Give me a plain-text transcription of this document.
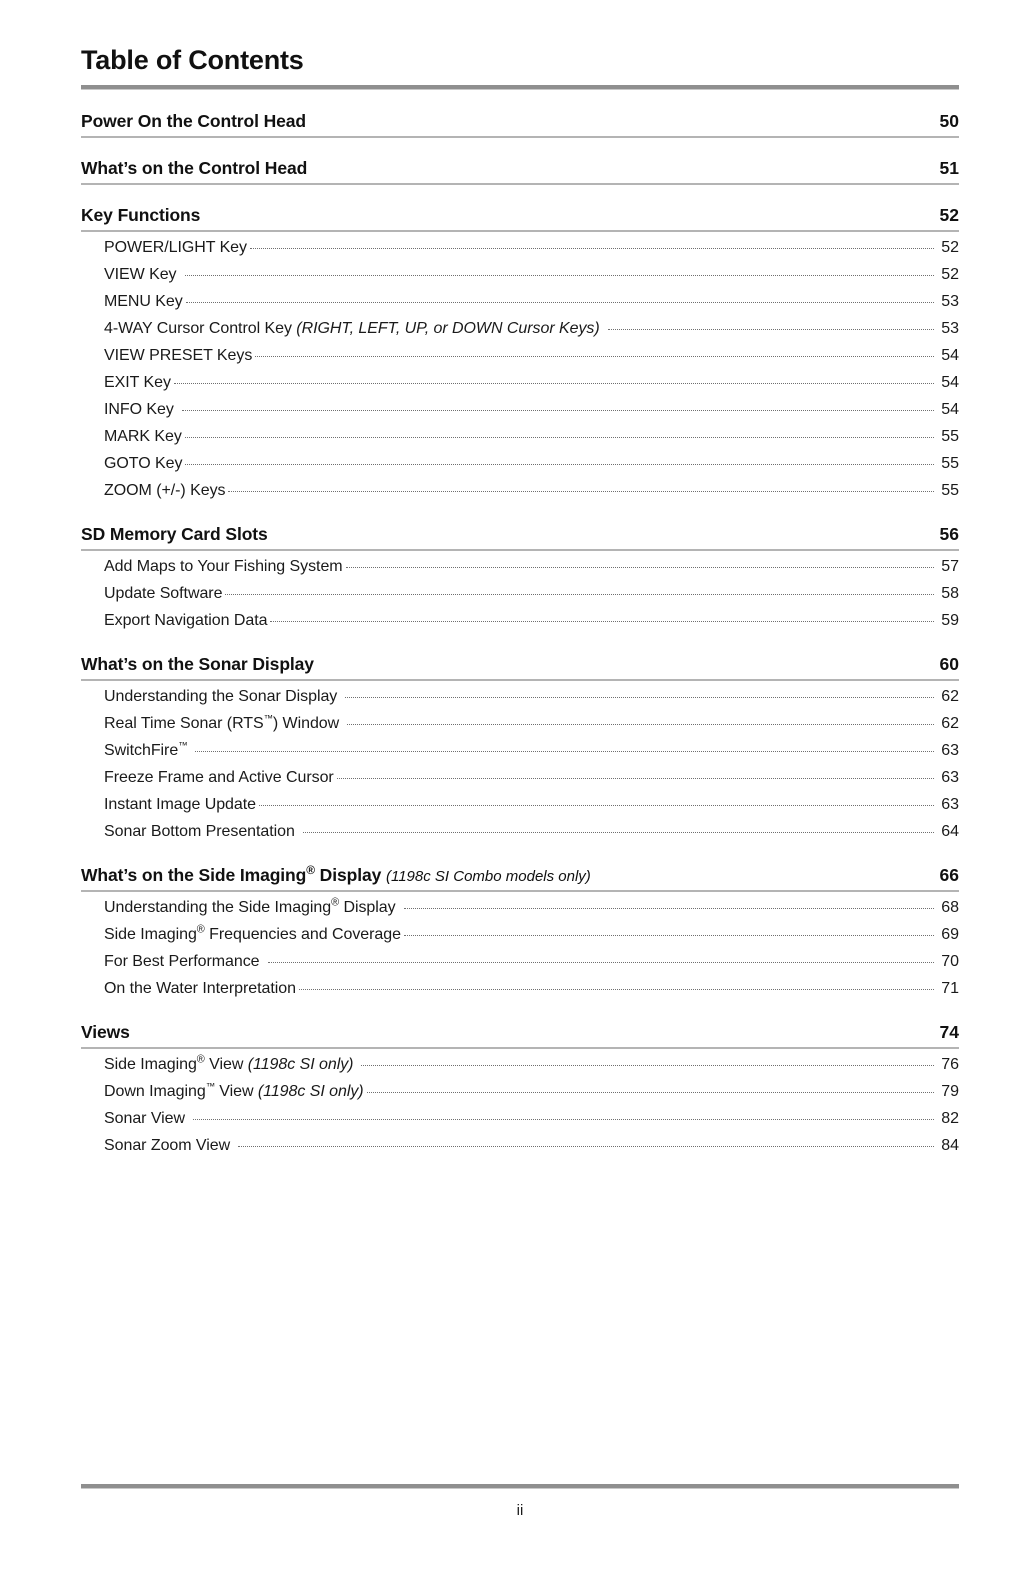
Table of Contents
Power On the Control Head	50
What’s on the Control Head	51
Key Functions	52
POWER/LIGHT Key	52
VIEW Key	52
MENU Key	53
4-WAY Cursor Control Key (RIGHT, LEFT, UP, or DOWN Cursor Keys)	53
VIEW PRESET Keys	54
EXIT Key	54
INFO Key	54
MARK Key	55
GOTO Key	55
ZOOM (+/-) Keys	55
SD Memory Card Slots	56
Add Maps to Your Fishing System	57
Update Software	58
Export Navigation Data	59
What’s on the Sonar Display	60
Understanding the Sonar Display	62
Real Time Sonar (RTS™) Window	62
SwitchFire™	63
Freeze Frame and Active Cursor	63
Instant Image Update	63
Sonar Bottom Presentation	64
What’s on the Side Imaging® Display (1198c SI Combo models only)	66
Understanding the Side Imaging® Display	68
Side Imaging® Frequencies and Coverage	69
For Best Performance	70
On the Water Interpretation	71
Views	74
Side Imaging® View (1198c SI only)	76
Down Imaging™ View (1198c SI only)	79
Sonar View	82
Sonar Zoom View	84
ii
